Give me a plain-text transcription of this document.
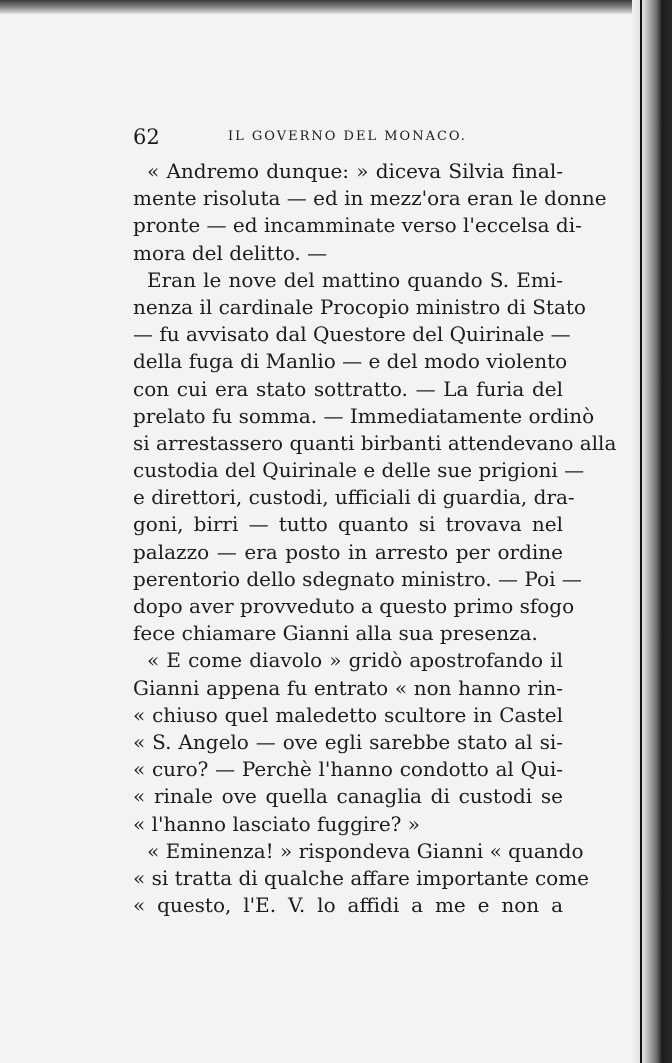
62	IL GOVERNO DEL MONACO.
« Andremo dunque: » diceva Silvia final-
mente risoluta — ed in mezz'ora eran le donne
pronte — ed incamminate verso l'eccelsa di-
mora del delitto. —
Eran le nove del mattino quando S. Emi-
nenza il cardinale Procopio ministro di Stato
— fu avvisato dal Questore del Quirinale —
della fuga di Manlio — e del modo violento
con cui era stato sottratto. — La furia del
prelato fu somma. — Immediatamente ordinò
si arrestassero quanti birbanti attendevano alla
custodia del Quirinale e delle sue prigioni —
e direttori, custodi, ufficiali di guardia, dra-
goni, birri — tutto quanto si trovava nel
palazzo — era posto in arresto per ordine
perentorio dello sdegnato ministro. — Poi —
dopo aver provveduto a questo primo sfogo
fece chiamare Gianni alla sua presenza.
« E come diavolo » gridò apostrofando il
Gianni appena fu entrato « non hanno rin-
« chiuso quel maledetto scultore in Castel
« S. Angelo — ove egli sarebbe stato al si-
« curo? — Perchè l'hanno condotto al Qui-
« rinale ove quella canaglia di custodi se
« l'hanno lasciato fuggire? »
« Eminenza! » rispondeva Gianni « quando
« si tratta di qualche affare importante come
« questo, l'E. V. lo affidi a me e non a
